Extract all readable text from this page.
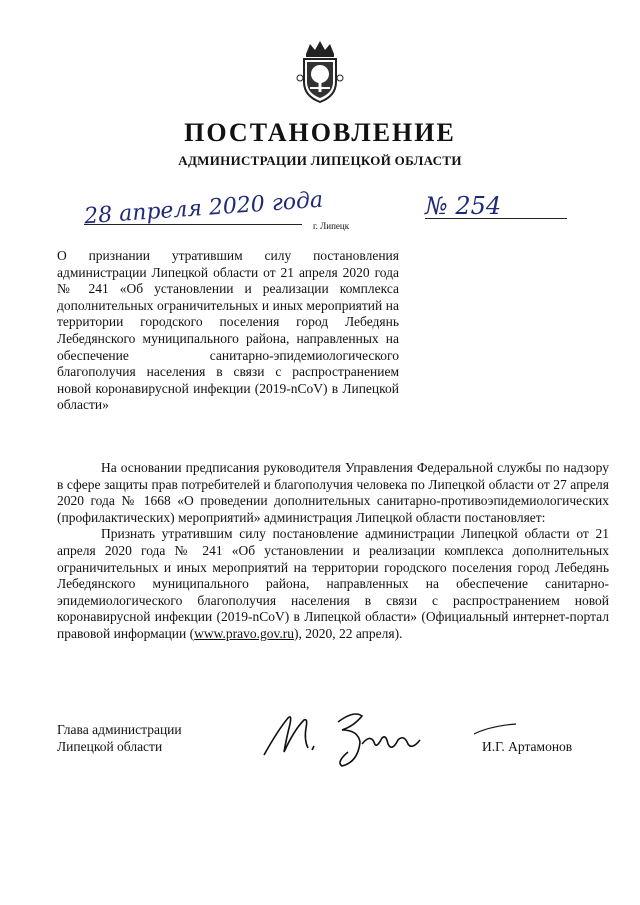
ПОСТАНОВЛЕНИЕ
АДМИНИСТРАЦИИ ЛИПЕЦКОЙ ОБЛАСТИ
28 апреля 2020 года
г. Липецк
№ 254
О признании утратившим силу постановления администрации Липецкой области от 21 апреля 2020 года № 241 «Об установлении и реализации комплекса дополнительных ограничительных и иных мероприятий на территории городского поселения город Лебедянь Лебедянского муниципального района, направленных на обеспечение санитарно-эпидемиологического благополучия населения в связи с распространением новой коронавирусной инфекции (2019-nCoV) в Липецкой области»

На основании предписания руководителя Управления Федеральной службы по надзору в сфере защиты прав потребителей и благополучия человека по Липецкой области от 27 апреля 2020 года № 1668 «О проведении дополнительных санитарно-противоэпидемиологических (профилактических) мероприятий» администрация Липецкой области постановляет:

Признать утратившим силу постановление администрации Липецкой области от 21 апреля 2020 года № 241 «Об установлении и реализации комплекса дополнительных ограничительных и иных мероприятий на территории городского поселения город Лебедянь Лебедянского муниципального района, направленных на обеспечение санитарно-эпидемиологического благополучия населения в связи с распространением новой коронавирусной инфекции (2019-nCoV) в Липецкой области» (Официальный интернет-портал правовой информации (www.pravo.gov.ru), 2020, 22 апреля).

Глава администрации
Липецкой области	И.Г. Артамонов
